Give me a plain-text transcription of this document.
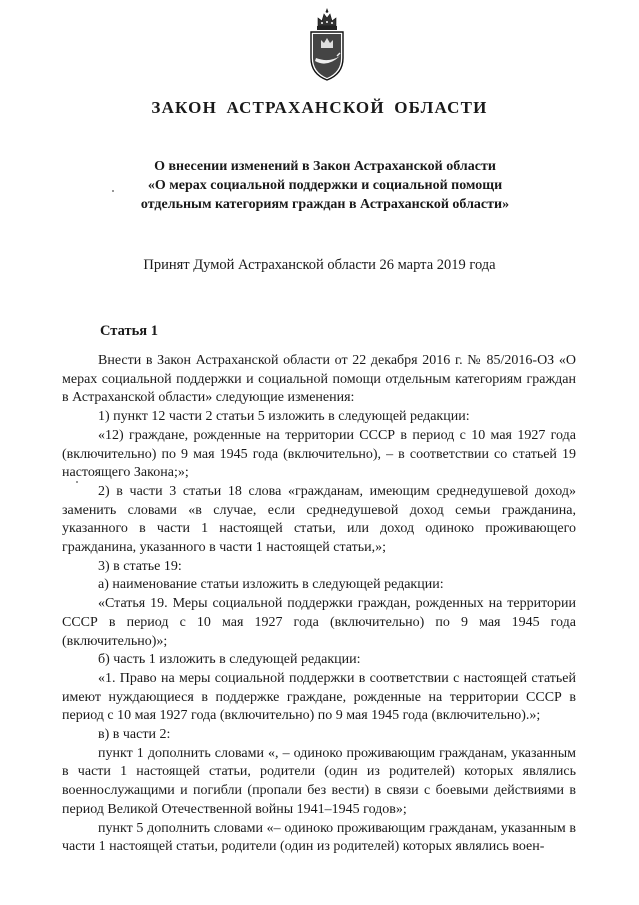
ЗАКОН АСТРАХАНСКОЙ ОБЛАСТИ
О внесении изменений в Закон Астраханской области
«О мерах социальной поддержки и социальной помощи
отдельным категориям граждан в Астраханской области»
Принят Думой Астраханской области 26 марта 2019 года
Статья 1

Внести в Закон Астраханской области от 22 декабря 2016 г. № 85/2016-ОЗ «О мерах социальной поддержки и социальной помощи отдельным категориям граждан в Астраханской области» следующие изменения:

1) пункт 12 части 2 статьи 5 изложить в следующей редакции:

«12) граждане, рожденные на территории СССР в период с 10 мая 1927 года (включительно) по 9 мая 1945 года (включительно), – в соответствии со статьей 19 настоящего Закона;»;

2) в части 3 статьи 18 слова «гражданам, имеющим среднедушевой доход» заменить словами «в случае, если среднедушевой доход семьи гражданина, указанного в части 1 настоящей статьи, или доход одиноко проживающего гражданина, указанного в части 1 настоящей статьи,»;

3) в статье 19:

а) наименование статьи изложить в следующей редакции:

«Статья 19. Меры социальной поддержки граждан, рожденных на территории СССР в период с 10 мая 1927 года (включительно) по 9 мая 1945 года (включительно)»;

б) часть 1 изложить в следующей редакции:

«1. Право на меры социальной поддержки в соответствии с настоящей статьей имеют нуждающиеся в поддержке граждане, рожденные на территории СССР в период с 10 мая 1927 года (включительно) по 9 мая 1945 года (включительно).»;

в) в части 2:

пункт 1 дополнить словами «, – одиноко проживающим гражданам, указанным в части 1 настоящей статьи, родители (один из родителей) которых являлись военнослужащими и погибли (пропали без вести) в связи с боевыми действиями в период Великой Отечественной войны 1941–1945 годов»;

пункт 5 дополнить словами «– одиноко проживающим гражданам, указанным в части 1 настоящей статьи, родители (один из родителей) которых являлись воен-
